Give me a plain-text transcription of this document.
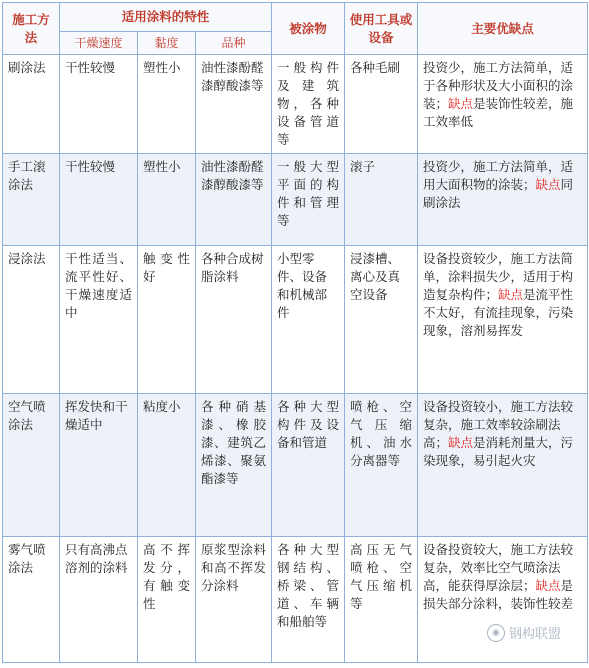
施工方法	适用涂料的特性			被涂物	使用工具或设备	主要优缺点
	干燥速度	黏度	品种			
刷涂法	干性较慢	塑性小	油性漆酚醛漆醇酸漆等	一般构件及建筑物，各种设备管道等	各种毛刷	投资少，施工方法简单，适于各种形状及大小面积的涂装；缺点是装饰性较差，施工效率低
手工滚涂法	干性较慢	塑性小	油性漆酚醛漆醇酸漆等	一般大型平面的构件和管理等	滚子	投资少，施工方法简单，适用大面积物的涂装；缺点同刷涂法
浸涂法	干性适当、流平性好、干燥速度适中	触变性好	各种合成树脂涂料	小型零件、设备和机械部件	浸漆槽、离心及真空设备	设备投资较少，施工方法简单，涂料损失少，适用于构造复杂构件；缺点是流平性不太好，有流挂现象，污染现象，溶剂易挥发
空气喷涂法	挥发快和干燥适中	粘度小	各种硝基漆、橡胶漆、建筑乙烯漆、聚氨酯漆等	各种大型构件及设备和管道	喷枪、空气压缩机、油水分离器等	设备投资较小，施工方法较复杂，施工效率较涂刷法高；缺点是消耗剂量大，污染现象，易引起火灾
雾气喷涂法	只有高沸点溶剂的涂料	高不挥发分，有触变性	原浆型涂料和高不挥发分涂料	各种大型钢结构、桥梁、管道、车辆和船舶等	高压无气喷枪、空气压缩机等	设备投资较大，施工方法较复杂，效率比空气喷涂法高，能获得厚涂层；缺点是损失部分涂料，装饰性较差
◉ 钢构联盟
